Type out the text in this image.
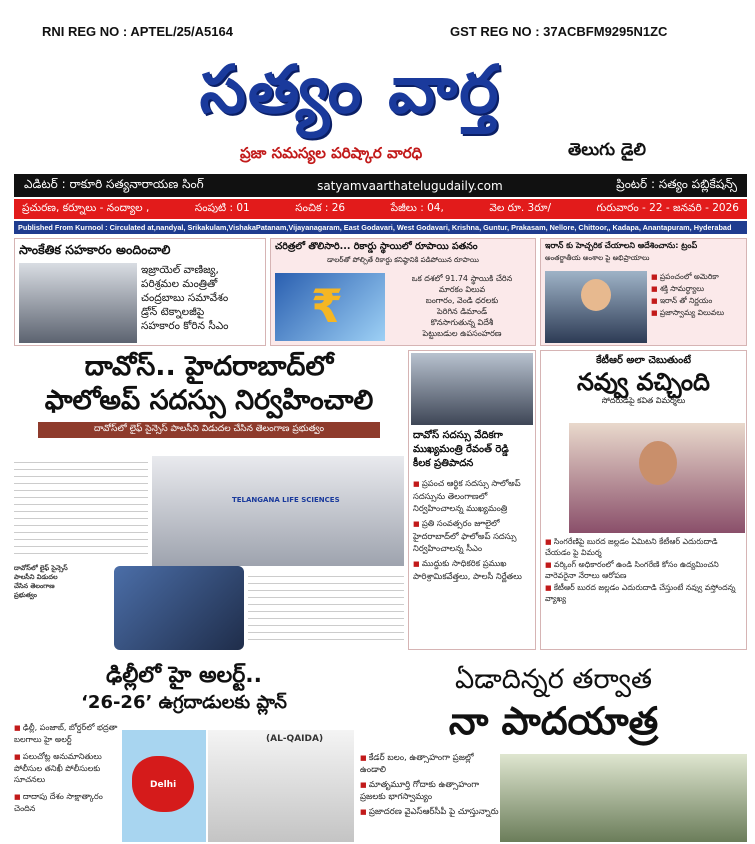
RNI REG NO : APTEL/25/A5164	GST REG NO : 37ACBFM9295N1ZC
సత్యం వార్త
ప్రజా సమస్యల పరిష్కార వారధి	తెలుగు డైలి
ఎడిటర్ : రాకూరి సత్యనారాయణ సింగ్	satyamvaarthatelugudaily.com	ప్రింటర్ : సత్యం పబ్లికేషన్స్
ప్రచురణ, కర్నూలు - నంద్యాల ,	సంపుటి : 01	సంచిక : 26	పేజీలు : 04,	వెల రూ. 3రూ/	గురువారం - 22 - జనవరి - 2026
Published From Kurnool : Circulated at,nandyal, Srikakulam,VishakaPatanam,Vijayanagaram, East Godavari, West Godavari, Krishna, Guntur, Prakasam, Nellore, Chittoor,, Kadapa, Anantapuram, Hyderabad
సాంకేతిక సహకారం అందించాలి
ఇజ్రాయెల్ వాణిజ్య,
పరిశ్రమల మంత్రితో
చంద్రబాబు సమావేశం
డ్రోన్ టెక్నాలజీపై
సహకారం కోరిన సీఎం
చరిత్రలో తొలిసారి... రికార్డు స్థాయిలో రూపాయి పతనం
డాలర్‌తో పోల్చితే రికార్డు కనిష్ఠానికి పడిపోయిన రూపాయి
₹
ఒక దశలో 91.74 స్థాయికి చేరిన
మారకం విలువ
బంగారం, వెండి ధరలకు
పెరిగిన డిమాండ్
కొనసాగుతున్న విదేశీ
పెట్టుబడుల ఉపసంహరణ
ఇరాన్ కు హెచ్చరిక చేయాలని ఆదేశించాను: ట్రంప్
అంతర్జాతీయ అంశాల పై అభిప్రాయాలు
■ ప్రపంచంలో అమెరికా
■ శక్తి సామర్థ్యాలు
■ ఇరాన్ తో నిర్ణయం
■ ప్రజాస్వామ్య విలువలు
దావోస్.. హైదరాబాద్‌లో
ఫాలోఅప్ సదస్సు నిర్వహించాలి
దావోస్‌లో లైఫ్ సైన్సెస్ పాలసీని విడుదల చేసిన తెలంగాణ ప్రభుత్వం
దావోస్‌లో లైఫ్ సైన్సెస్
పాలసీని విడుదల
చేసిన తెలంగాణ
ప్రభుత్వం
TELANGANA LIFE SCIENCES
దావోస్ సదస్సు వేదికగా
ముఖ్యమంత్రి రేవంత్ రెడ్డి
కీలక ప్రతిపాదన
■ ప్రపంచ ఆర్థిక సదస్సు సాలోఅప్ సదస్సును తెలంగాణలో నిర్వహించాలన్న ముఖ్యమంత్రి
■ ప్రతి సంవత్సరం జూలైలో హైదరాబాద్‌లో ఫాలోఅప్ సదస్సు నిర్వహించాలన్న సీఎం
■ ముద్దుకు సాధికరిక ప్రముఖ పారిశ్రామికవేత్తలు, పాలసీ నిర్ణేతలు
కేటీఆర్ అలా చెబుతుంటే
నవ్వు వచ్చింది
సోదరుడిపై కవిత విమర్శలు
■ సింగరేణిపై బురద జల్లడం ఏమిటని కేటీఆర్ ఎదురుదాడి చేయడం పై విమర్శ
■ వర్కింగ్ అధికారంలో ఉండి సింగరేణి కోసం ఉద్యమించని వారెవరైనా నేరాలు ఆరోపణ
■ కేటీఆర్ బురద జల్లడం ఎదురుదాడి చేస్తుంటే నవ్వు వస్తోందన్న వ్యాఖ్య
ఢిల్లీలో హై అలర్ట్..
‘26-26’ ఉగ్రదాడులకు ప్లాన్
■ ఢిల్లీ, పంజాబ్, బోర్డర్‌లో భద్రతా బలగాలు హై అలర్ట్
■ పలుచోట్ల అనుమానితులు పోలీసుల తనిఖీ పోలీసులకు సూచనలు
■ దాదాపు దేశం సాక్షాత్కారం చెందిన
Delhi
(AL-QAIDA)
ఏడాదిన్నర తర్వాత
నా పాదయాత్ర
■ కేడర్ బలం, ఉత్సాహంగా ప్రజల్లో ఉండాలి
■ మాతృమూర్తి గోదాకు ఉత్సాహంగా ప్రజలకు భాగస్వామ్యం
■ ప్రజాదరణ వైఎస్ఆర్‌సీపీ పై చూస్తున్నారు
